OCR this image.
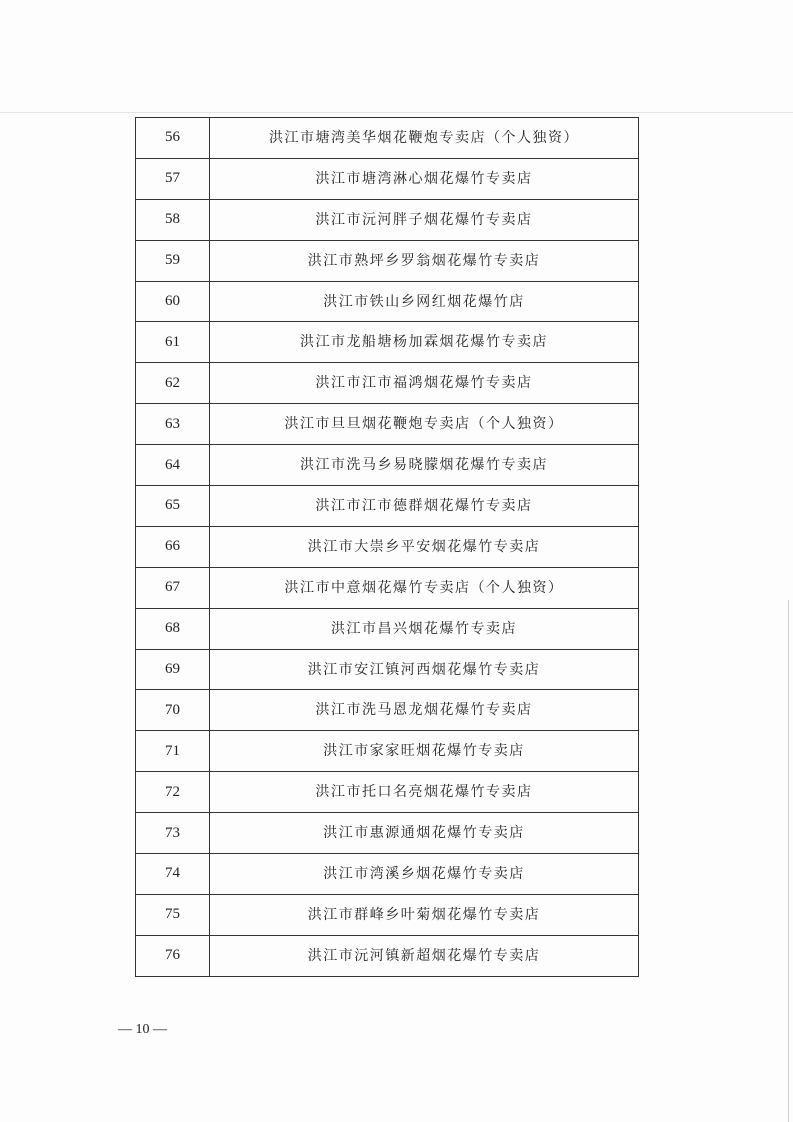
56	洪江市塘湾美华烟花鞭炮专卖店（个人独资）
57	洪江市塘湾淋心烟花爆竹专卖店
58	洪江市沅河胖子烟花爆竹专卖店
59	洪江市熟坪乡罗翁烟花爆竹专卖店
60	洪江市铁山乡网红烟花爆竹店
61	洪江市龙船塘杨加霖烟花爆竹专卖店
62	洪江市江市福鸿烟花爆竹专卖店
63	洪江市旦旦烟花鞭炮专卖店（个人独资）
64	洪江市洗马乡易晓朦烟花爆竹专卖店
65	洪江市江市德群烟花爆竹专卖店
66	洪江市大崇乡平安烟花爆竹专卖店
67	洪江市中意烟花爆竹专卖店（个人独资）
68	洪江市昌兴烟花爆竹专卖店
69	洪江市安江镇河西烟花爆竹专卖店
70	洪江市洗马恩龙烟花爆竹专卖店
71	洪江市家家旺烟花爆竹专卖店
72	洪江市托口名亮烟花爆竹专卖店
73	洪江市惠源通烟花爆竹专卖店
74	洪江市湾溪乡烟花爆竹专卖店
75	洪江市群峰乡叶菊烟花爆竹专卖店
76	洪江市沅河镇新超烟花爆竹专卖店
— 10 —
